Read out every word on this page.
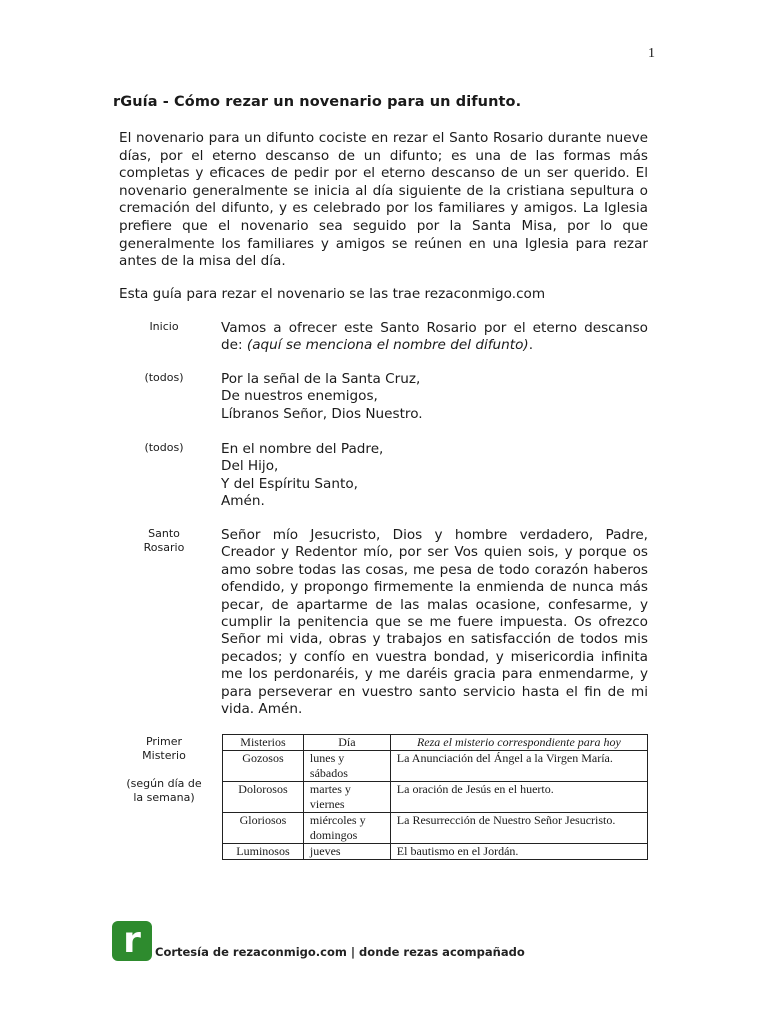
1
rGuía - Cómo rezar un novenario para un difunto.

El novenario para un difunto cociste en rezar el Santo Rosario durante nueve días, por el eterno descanso de un difunto; es una de las formas más completas y eficaces de pedir por el eterno descanso de un ser querido. El novenario generalmente se inicia al día siguiente de la cristiana sepultura o cremación del difunto, y es celebrado por los familiares y amigos. La Iglesia prefiere que el novenario sea seguido por la Santa Misa, por lo que generalmente los familiares y amigos se reúnen en una Iglesia para rezar antes de la misa del día.

Esta guía para rezar el novenario se las trae rezaconmigo.com

Inicio	Vamos a ofrecer este Santo Rosario por el eterno descanso de: (aquí se menciona el nombre del difunto).
(todos)	Por la señal de la Santa Cruz,
De nuestros enemigos,
Líbranos Señor, Dios Nuestro.
(todos)	En el nombre del Padre,
Del Hijo,
Y del Espíritu Santo,
Amén.
Santo Rosario
Señor mío Jesucristo, Dios y hombre verdadero, Padre, Creador y Redentor mío, por ser Vos quien sois, y porque os amo sobre todas las cosas, me pesa de todo corazón haberos ofendido, y propongo firmemente la enmienda de nunca más pecar, de apartarme de las malas ocasione, confesarme, y cumplir la penitencia que se me fuere impuesta. Os ofrezco Señor mi vida, obras y trabajos en satisfacción de todos mis pecados; y confío en vuestra bondad, y misericordia infinita me los perdonaréis, y me daréis gracia para enmendarme, y para perseverar en vuestro santo servicio hasta el fin de mi vida. Amén.
Primer Misterio
(según día de la semana)
Misterios	Día	Reza el misterio correspondiente para hoy
Gozosos	lunes y sábados	La Anunciación del Ángel a la Virgen María.
Dolorosos	martes y viernes	La oración de Jesús en el huerto.
Gloriosos	miércoles y domingos	La Resurrección de Nuestro Señor Jesucristo.
Luminosos	jueves	El bautismo en el Jordán.
r Cortesía de rezaconmigo.com | donde rezas acompañado
